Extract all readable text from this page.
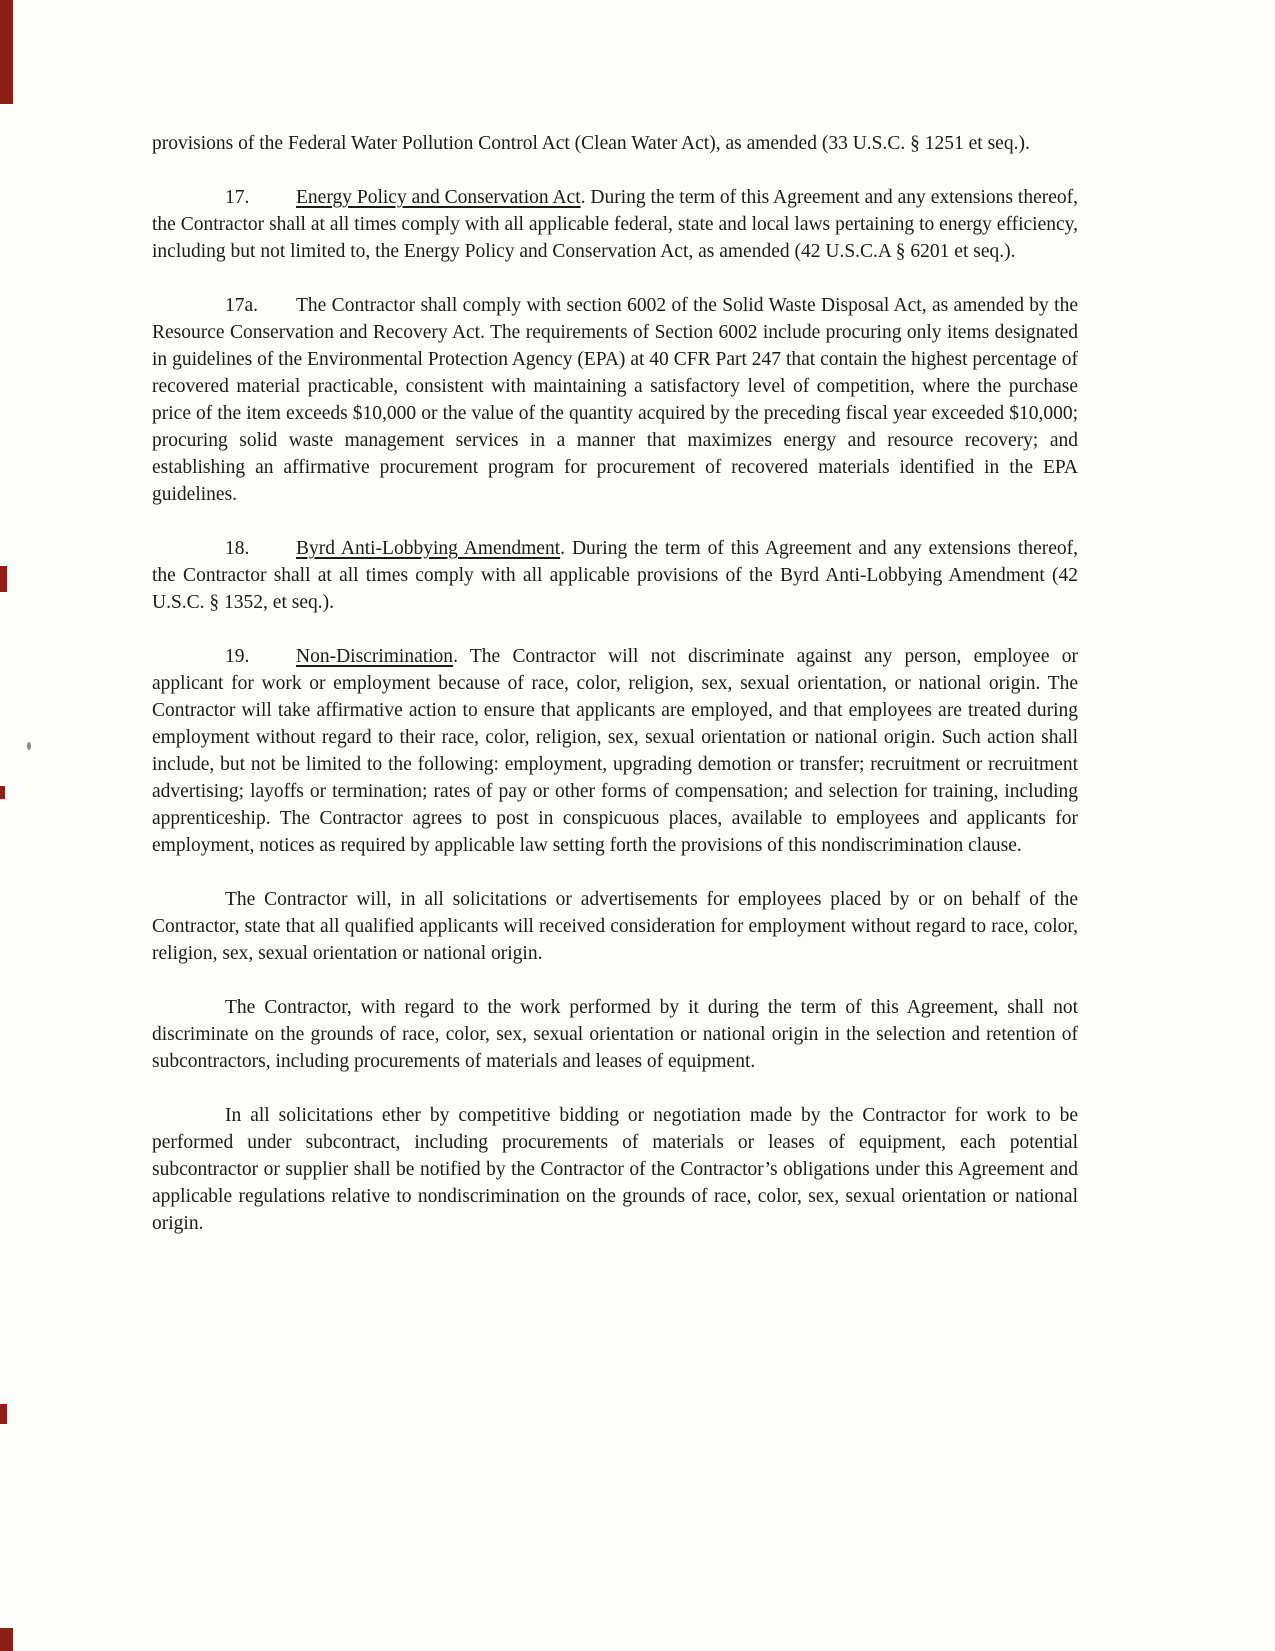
provisions of the Federal Water Pollution Control Act (Clean Water Act), as amended (33 U.S.C. § 1251 et seq.).

17. Energy Policy and Conservation Act. During the term of this Agreement and any extensions thereof, the Contractor shall at all times comply with all applicable federal, state and local laws pertaining to energy efficiency, including but not limited to, the Energy Policy and Conservation Act, as amended (42 U.S.C.A § 6201 et seq.).

17a. The Contractor shall comply with section 6002 of the Solid Waste Disposal Act, as amended by the Resource Conservation and Recovery Act. The requirements of Section 6002 include procuring only items designated in guidelines of the Environmental Protection Agency (EPA) at 40 CFR Part 247 that contain the highest percentage of recovered material practicable, consistent with maintaining a satisfactory level of competition, where the purchase price of the item exceeds $10,000 or the value of the quantity acquired by the preceding fiscal year exceeded $10,000; procuring solid waste management services in a manner that maximizes energy and resource recovery; and establishing an affirmative procurement program for procurement of recovered materials identified in the EPA guidelines.

18. Byrd Anti-Lobbying Amendment. During the term of this Agreement and any extensions thereof, the Contractor shall at all times comply with all applicable provisions of the Byrd Anti-Lobbying Amendment (42 U.S.C. § 1352, et seq.).

19. Non-Discrimination. The Contractor will not discriminate against any person, employee or applicant for work or employment because of race, color, religion, sex, sexual orientation, or national origin. The Contractor will take affirmative action to ensure that applicants are employed, and that employees are treated during employment without regard to their race, color, religion, sex, sexual orientation or national origin. Such action shall include, but not be limited to the following: employment, upgrading demotion or transfer; recruitment or recruitment advertising; layoffs or termination; rates of pay or other forms of compensation; and selection for training, including apprenticeship. The Contractor agrees to post in conspicuous places, available to employees and applicants for employment, notices as required by applicable law setting forth the provisions of this nondiscrimination clause.

The Contractor will, in all solicitations or advertisements for employees placed by or on behalf of the Contractor, state that all qualified applicants will received consideration for employment without regard to race, color, religion, sex, sexual orientation or national origin.

The Contractor, with regard to the work performed by it during the term of this Agreement, shall not discriminate on the grounds of race, color, sex, sexual orientation or national origin in the selection and retention of subcontractors, including procurements of materials and leases of equipment.

In all solicitations ether by competitive bidding or negotiation made by the Contractor for work to be performed under subcontract, including procurements of materials or leases of equipment, each potential subcontractor or supplier shall be notified by the Contractor of the Contractor’s obligations under this Agreement and applicable regulations relative to nondiscrimination on the grounds of race, color, sex, sexual orientation or national origin.
